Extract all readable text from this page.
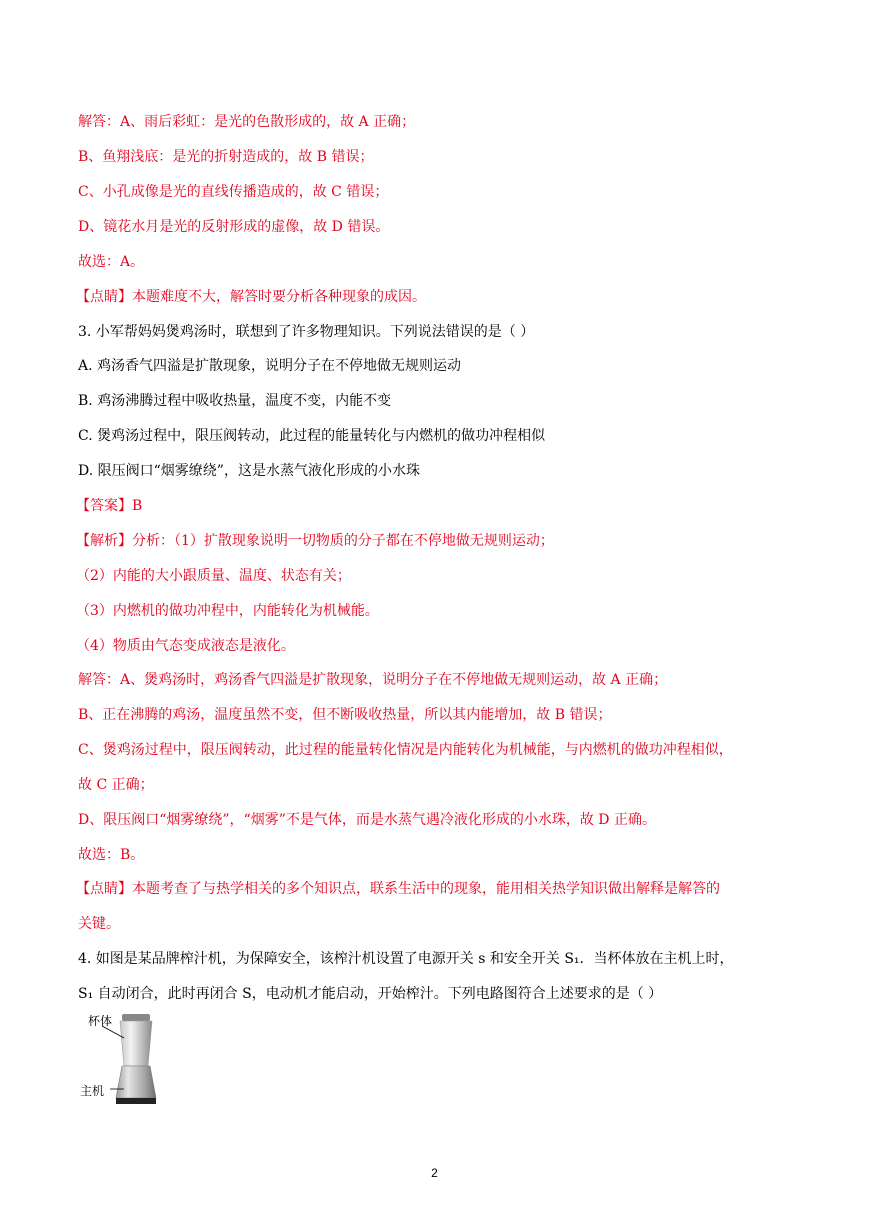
解答：A、雨后彩虹：是光的色散形成的，故 A 正确；
B、鱼翔浅底：是光的折射造成的，故 B 错误；
C、小孔成像是光的直线传播造成的，故 C 错误；
D、镜花水月是光的反射形成的虚像，故 D 错误。
故选：A。
【点睛】本题难度不大，解答时要分析各种现象的成因。
3. 小军帮妈妈煲鸡汤时，联想到了许多物理知识。下列说法错误的是（ ）
A. 鸡汤香气四溢是扩散现象，说明分子在不停地做无规则运动
B. 鸡汤沸腾过程中吸收热量，温度不变，内能不变
C. 煲鸡汤过程中，限压阀转动，此过程的能量转化与内燃机的做功冲程相似
D. 限压阀口“烟雾缭绕”，这是水蒸气液化形成的小水珠
【答案】B
【解析】分析：（1）扩散现象说明一切物质的分子都在不停地做无规则运动；
（2）内能的大小跟质量、温度、状态有关；
（3）内燃机的做功冲程中，内能转化为机械能。
（4）物质由气态变成液态是液化。
解答：A、煲鸡汤时，鸡汤香气四溢是扩散现象，说明分子在不停地做无规则运动，故 A 正确；
B、正在沸腾的鸡汤，温度虽然不变，但不断吸收热量，所以其内能增加，故 B 错误；
C、煲鸡汤过程中，限压阀转动，此过程的能量转化情况是内能转化为机械能，与内燃机的做功冲程相似，
故 C 正确；
D、限压阀口“烟雾缭绕”，“烟雾”不是气体，而是水蒸气遇冷液化形成的小水珠，故 D 正确。
故选：B。
【点睛】本题考查了与热学相关的多个知识点，联系生活中的现象，能用相关热学知识做出解释是解答的
关键。
4. 如图是某品牌榨汁机，为保障安全，该榨汁机设置了电源开关 s 和安全开关 S₁．当杯体放在主机上时，
S₁ 自动闭合，此时再闭合 S，电动机才能启动，开始榨汁。下列电路图符合上述要求的是（ ）
杯体
主机
2
